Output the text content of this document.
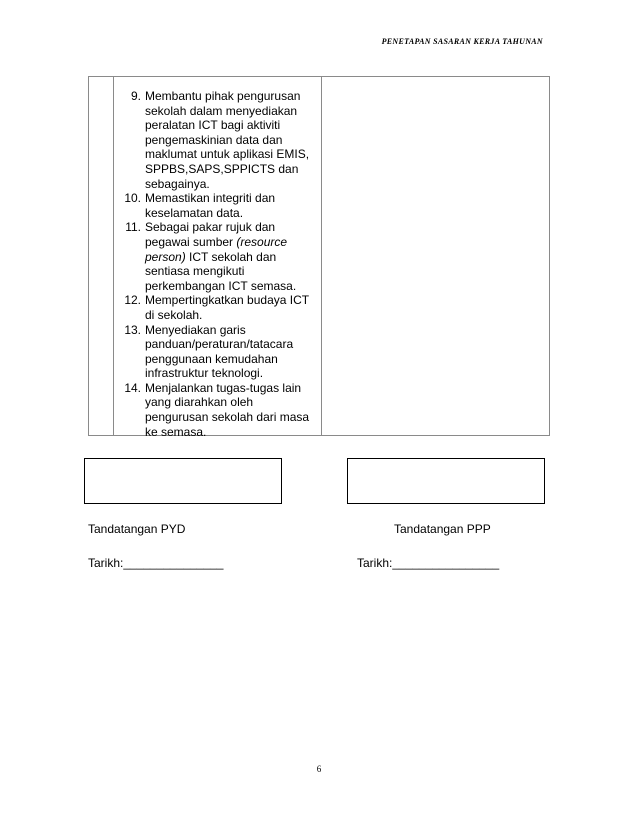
PENETAPAN SASARAN KERJA TAHUNAN
9. Membantu pihak pengurusan sekolah dalam menyediakan peralatan ICT bagi aktiviti pengemaskinian data dan maklumat untuk aplikasi EMIS, SPPBS,SAPS,SPPICTS dan sebagainya.
10. Memastikan integriti dan keselamatan data.
11. Sebagai pakar rujuk dan pegawai sumber (resource person) ICT sekolah dan sentiasa mengikuti perkembangan ICT semasa.
12. Mempertingkatkan budaya ICT di sekolah.
13. Menyediakan garis panduan/peraturan/tatacara penggunaan kemudahan infrastruktur teknologi.
14. Menjalankan tugas-tugas lain yang diarahkan oleh pengurusan sekolah dari masa ke semasa.
Tandatangan PYD	Tandatangan PPP
Tarikh:_______________	Tarikh:________________
6
